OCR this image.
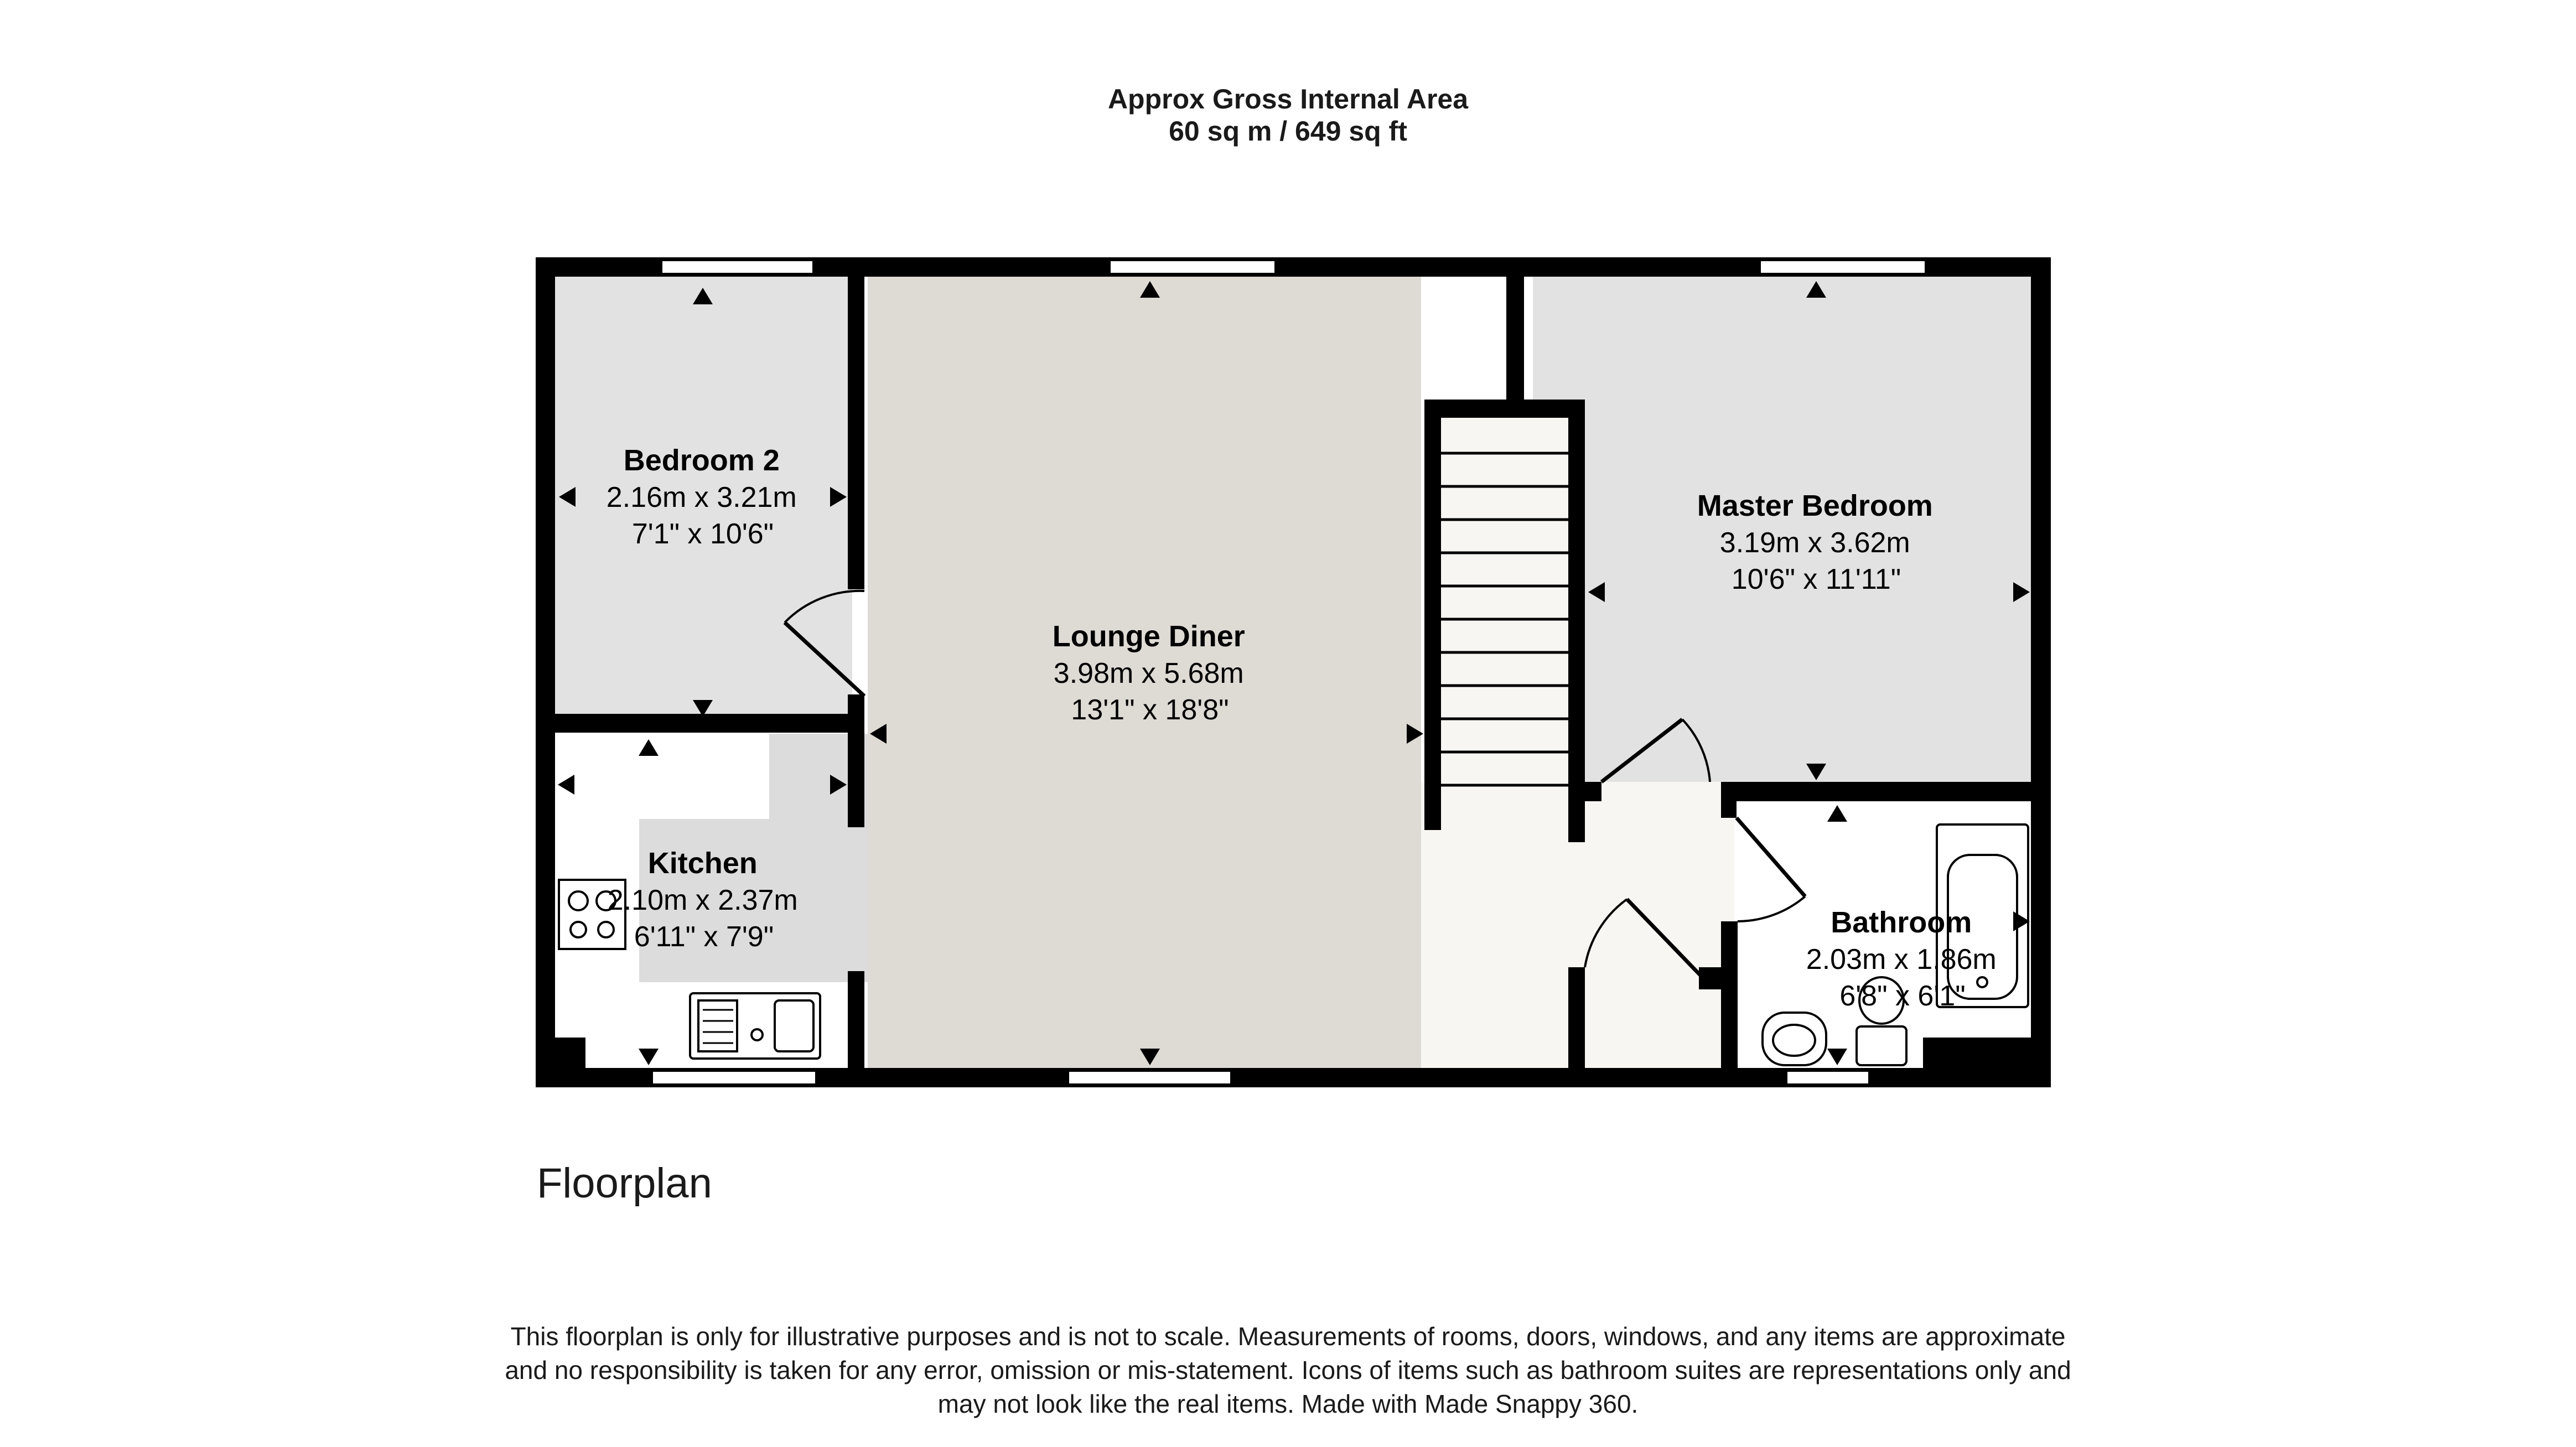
Approx Gross Internal Area
60 sq m / 649 sq ft
Bedroom 2 2.16m x 3.21m 7'1" x 10'6"
Lounge Diner 3.98m x 5.68m 13'1" x 18'8"
Master Bedroom 3.19m x 3.62m 10'6" x 11'11"
Kitchen 2.10m x 2.37m 6'11" x 7'9"	Bathroom 2.03m x 1.86m 6'8" x 6'1"
Floorplan
This floorplan is only for illustrative purposes and is not to scale. Measurements of rooms, doors, windows, and any items are approximate
and no responsibility is taken for any error, omission or mis-statement. Icons of items such as bathroom suites are representations only and
may not look like the real items. Made with Made Snappy 360.
